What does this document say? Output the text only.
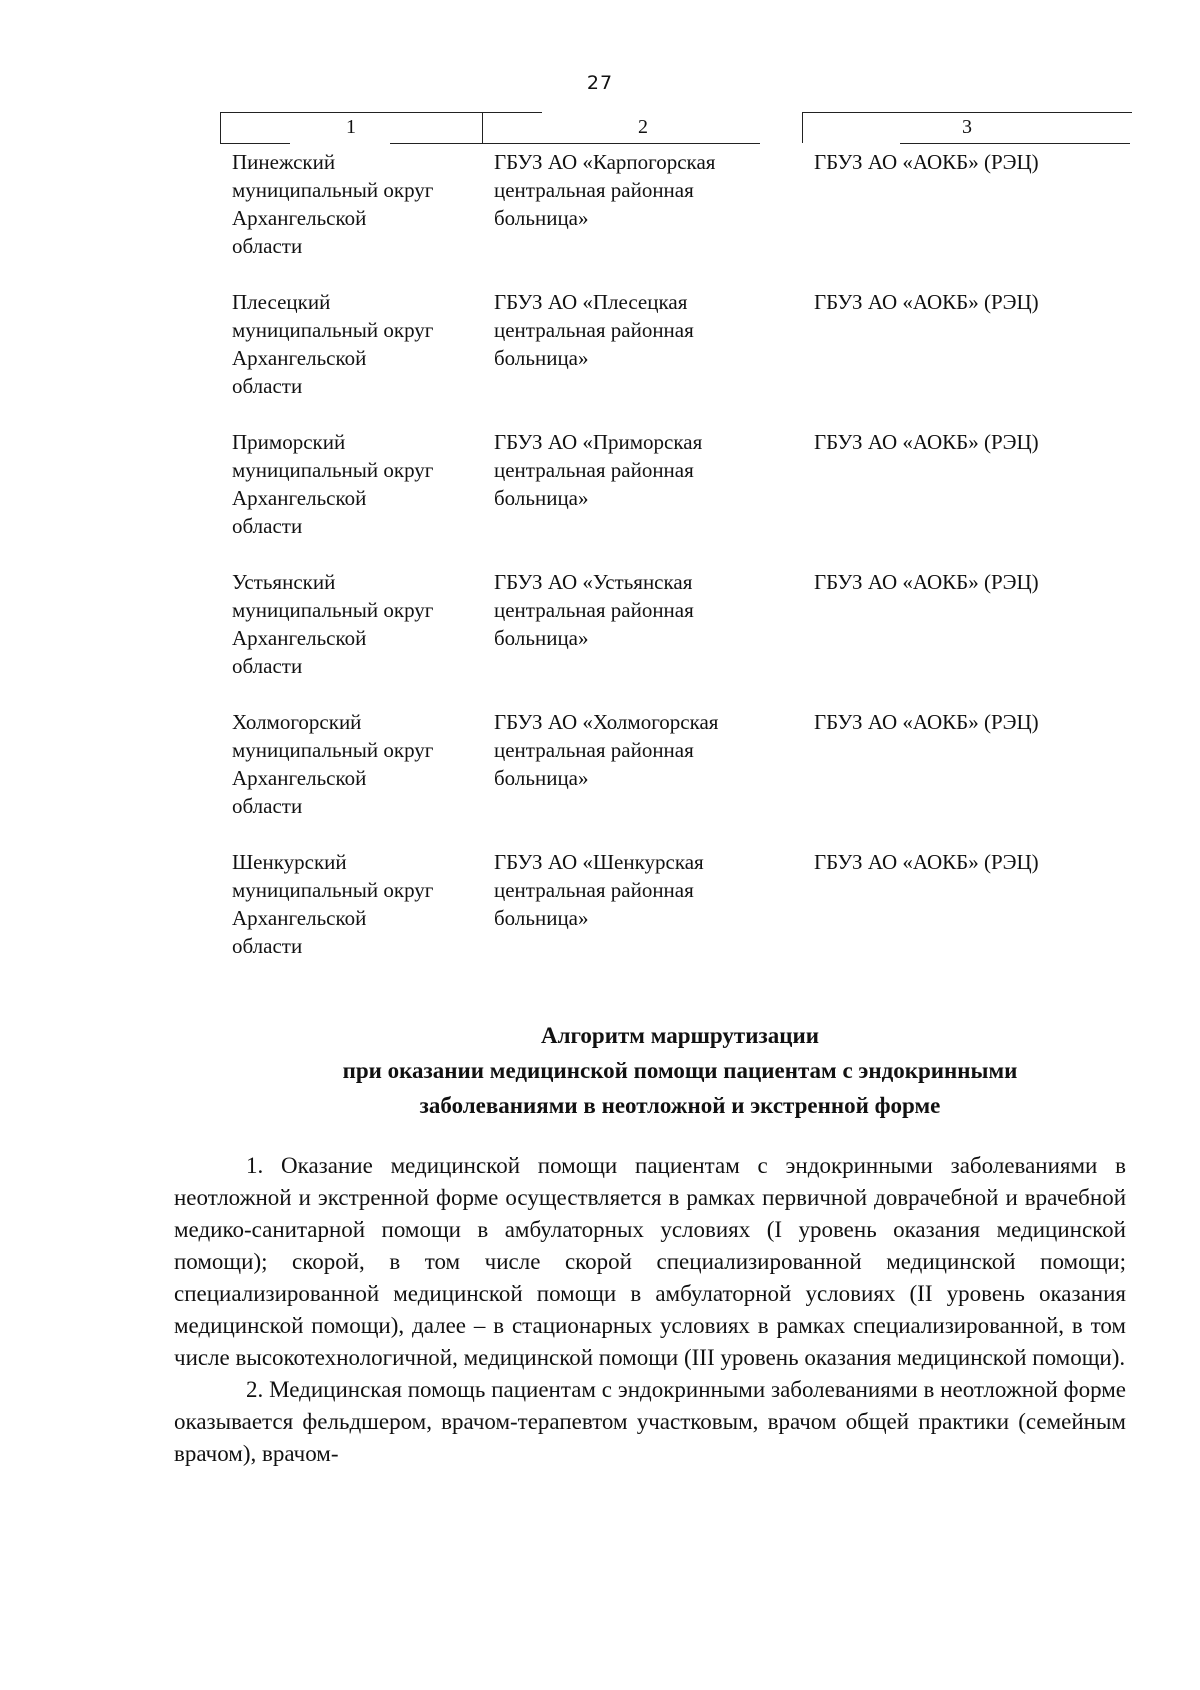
27
1	2	3
Пинежский
муниципальный округ
Архангельской
области
ГБУЗ АО «Карпогорская
центральная районная
больница»
ГБУЗ АО «АОКБ» (РЭЦ)
Плесецкий
муниципальный округ
Архангельской
области
ГБУЗ АО «Плесецкая
центральная районная
больница»
ГБУЗ АО «АОКБ» (РЭЦ)
Приморский
муниципальный округ
Архангельской
области
ГБУЗ АО «Приморская
центральная районная
больница»
ГБУЗ АО «АОКБ» (РЭЦ)
Устьянский
муниципальный округ
Архангельской
области
ГБУЗ АО «Устьянская
центральная районная
больница»
ГБУЗ АО «АОКБ» (РЭЦ)
Холмогорский
муниципальный округ
Архангельской
области
ГБУЗ АО «Холмогорская
центральная районная
больница»
ГБУЗ АО «АОКБ» (РЭЦ)
Шенкурский
муниципальный округ
Архангельской
области
ГБУЗ АО «Шенкурская
центральная районная
больница»
ГБУЗ АО «АОКБ» (РЭЦ)
Алгоритм маршрутизации
при оказании медицинской помощи пациентам с эндокринными
заболеваниями в неотложной и экстренной форме

1. Оказание медицинской помощи пациентам с эндокринными заболеваниями в неотложной и экстренной форме осуществляется в рамках первичной доврачебной и врачебной медико-санитарной помощи в амбулаторных условиях (I уровень оказания медицинской помощи); скорой, в том числе скорой специализированной медицинской помощи; специализированной медицинской помощи в амбулаторной условиях (II уровень оказания медицинской помощи), далее – в стационарных условиях в рамках специализированной, в том числе высокотехнологичной, медицинской помощи (III уровень оказания медицинской помощи).

2. Медицинская помощь пациентам с эндокринными заболеваниями в неотложной форме оказывается фельдшером, врачом-терапевтом участковым, врачом общей практики (семейным врачом), врачом-
